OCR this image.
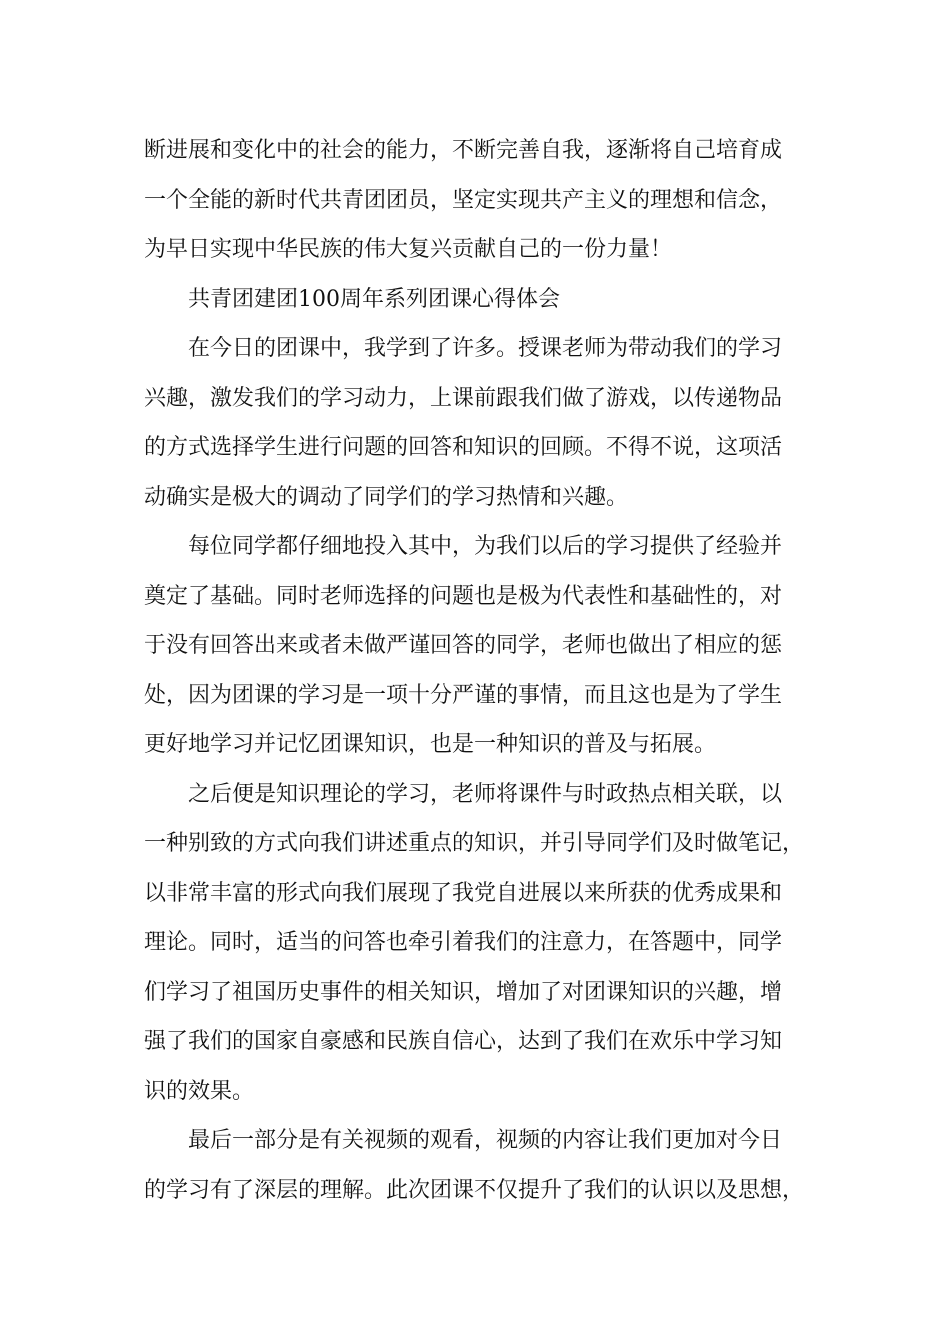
断进展和变化中的社会的能力，不断完善自我，逐渐将自己培育成
一个全能的新时代共青团团员，坚定实现共产主义的理想和信念，
为早日实现中华民族的伟大复兴贡献自己的一份力量！
共青团建团100周年系列团课心得体会
在今日的团课中，我学到了许多。授课老师为带动我们的学习
兴趣，激发我们的学习动力，上课前跟我们做了游戏，以传递物品
的方式选择学生进行问题的回答和知识的回顾。不得不说，这项活
动确实是极大的调动了同学们的学习热情和兴趣。
每位同学都仔细地投入其中，为我们以后的学习提供了经验并
奠定了基础。同时老师选择的问题也是极为代表性和基础性的，对
于没有回答出来或者未做严谨回答的同学，老师也做出了相应的惩
处，因为团课的学习是一项十分严谨的事情，而且这也是为了学生
更好地学习并记忆团课知识，也是一种知识的普及与拓展。
之后便是知识理论的学习，老师将课件与时政热点相关联，以
一种别致的方式向我们讲述重点的知识，并引导同学们及时做笔记，
以非常丰富的形式向我们展现了我党自进展以来所获的优秀成果和
理论。同时，适当的问答也牵引着我们的注意力，在答题中，同学
们学习了祖国历史事件的相关知识，增加了对团课知识的兴趣，增
强了我们的国家自豪感和民族自信心，达到了我们在欢乐中学习知
识的效果。
最后一部分是有关视频的观看，视频的内容让我们更加对今日
的学习有了深层的理解。此次团课不仅提升了我们的认识以及思想，
